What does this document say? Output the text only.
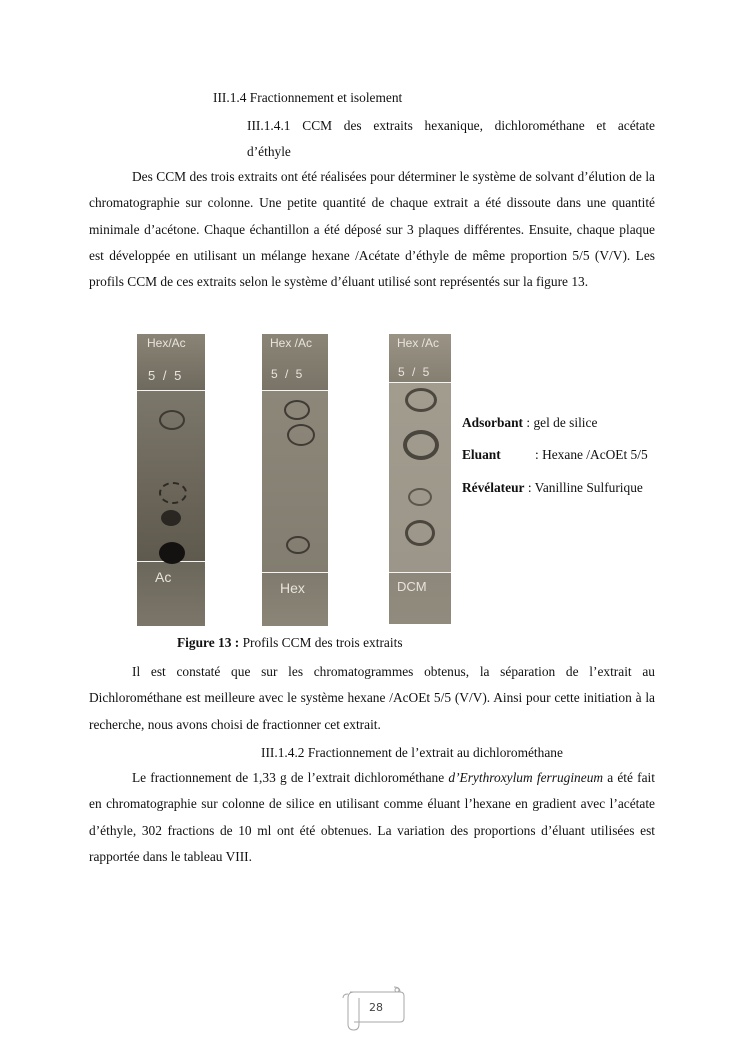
III.1.4 Fractionnement et isolement
III.1.4.1 CCM des extraits hexanique, dichlorométhane et acétate
d’éthyle
Des CCM des trois extraits ont été réalisées pour déterminer le système de solvant d’élution de la chromatographie sur colonne. Une petite quantité de chaque extrait a été dissoute dans une quantité minimale d’acétone. Chaque échantillon a été déposé sur 3 plaques différentes. Ensuite, chaque plaque est développée en utilisant un mélange hexane /Acétate d’éthyle de même proportion 5/5 (V/V). Les profils CCM de ces extraits selon le système d’éluant utilisé sont représentés sur la figure 13.
Hex/Ac
5 / 5
Ac
Hex /Ac
5 / 5
Hex
Hex /Ac
5 / 5
DCM
Adsorbant : gel de silice
Eluant	: Hexane /AcOEt 5/5
Révélateur : Vanilline Sulfurique
Figure 13 : Profils CCM des trois extraits
Il est constaté que sur les chromatogrammes obtenus, la séparation de l’extrait au Dichlorométhane est meilleure avec le système hexane /AcOEt 5/5 (V/V). Ainsi pour cette initiation à la recherche, nous avons choisi de fractionner cet extrait.
III.1.4.2 Fractionnement de l’extrait au dichlorométhane
Le fractionnement de 1,33 g de l’extrait dichlorométhane d’Erythroxylum ferrugineum a été fait en chromatographie sur colonne de silice en utilisant comme éluant l’hexane en gradient avec l’acétate d’éthyle, 302 fractions de 10 ml ont été obtenues. La variation des proportions d’éluant utilisées est rapportée dans le tableau VIII.
28
